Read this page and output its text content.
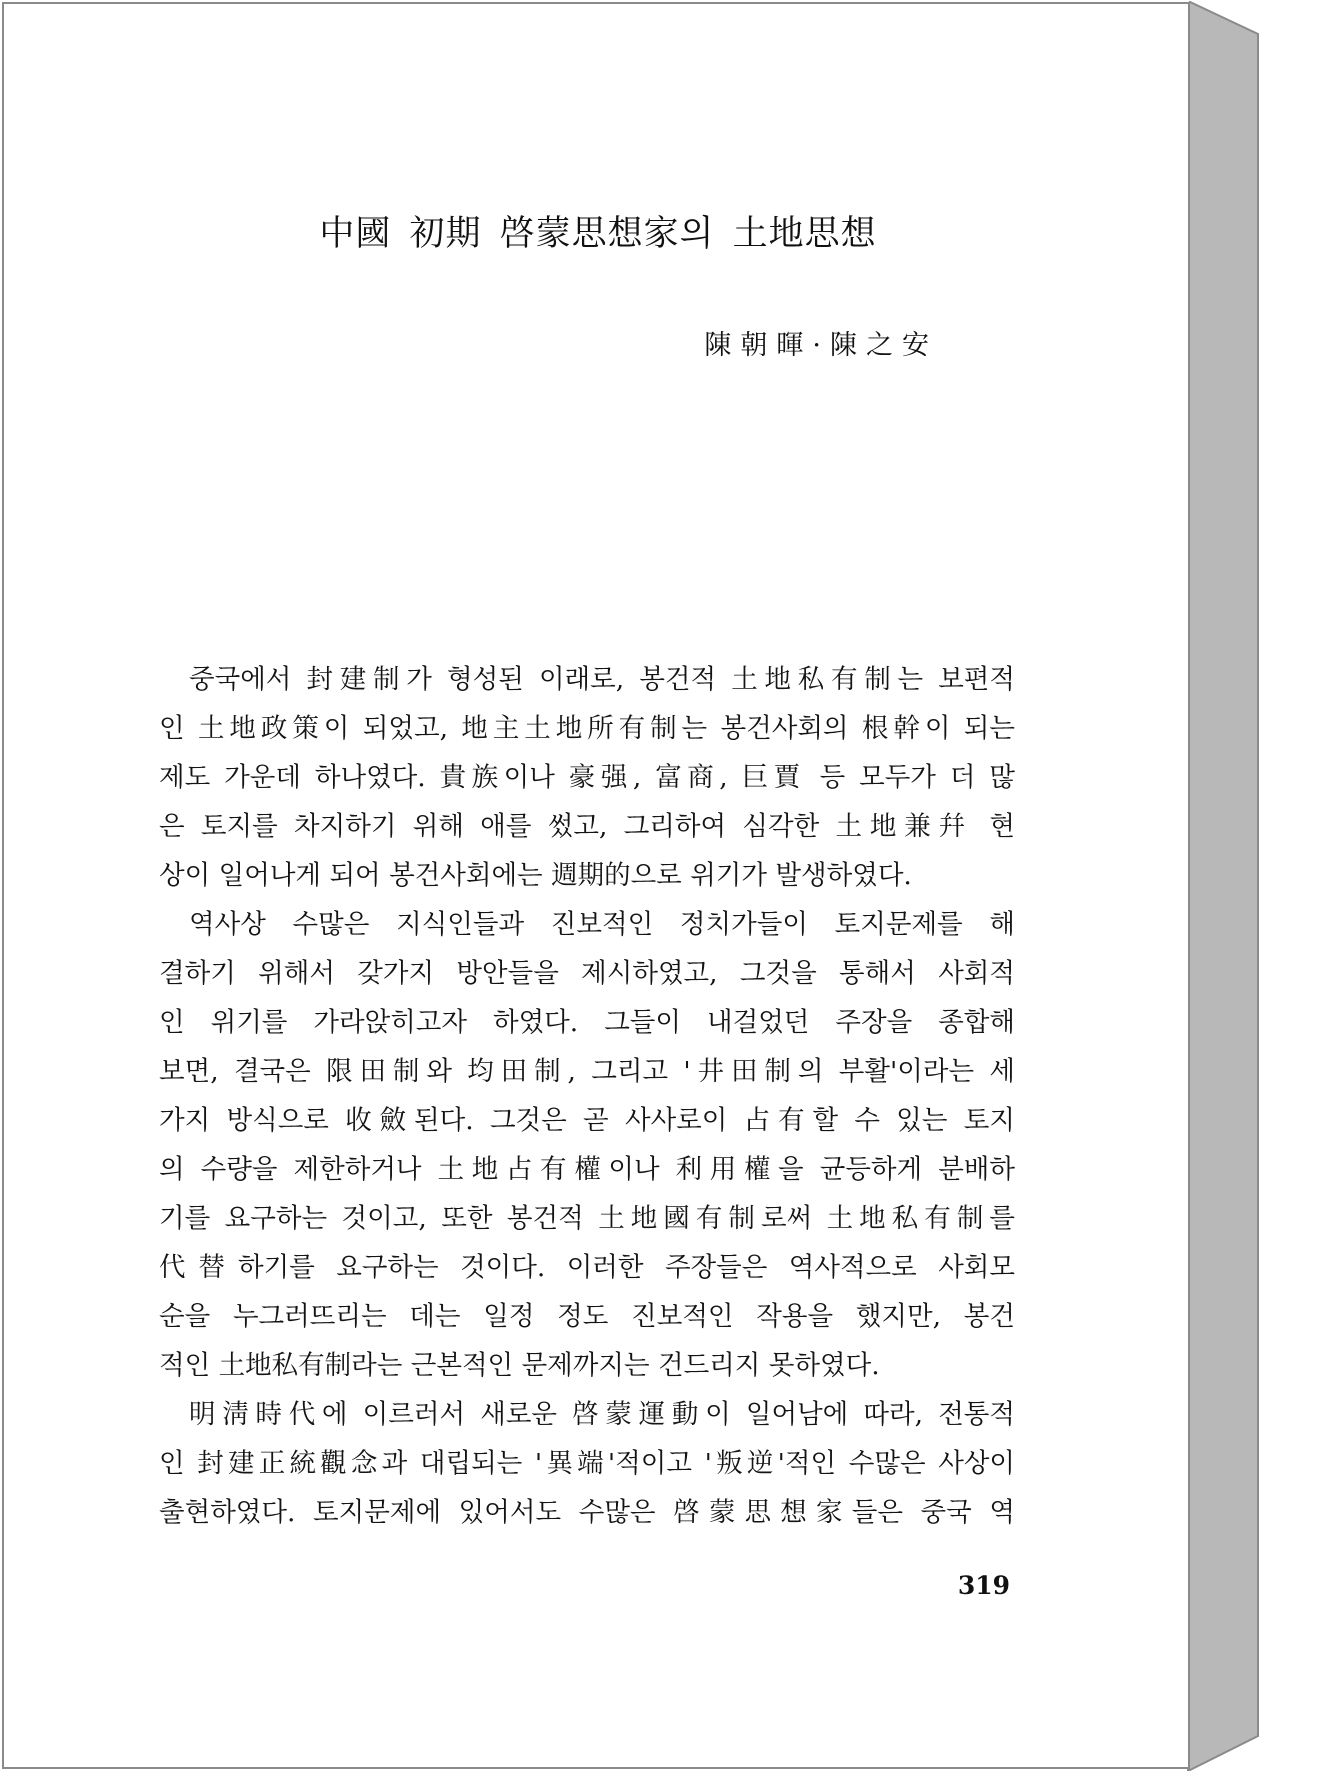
中國 初期 啓蒙思想家의 土地思想
陳朝暉·陳之安
중국에서 封建制가 형성된 이래로, 봉건적 土地私有制는 보편적
인 土地政策이 되었고, 地主土地所有制는 봉건사회의 根幹이 되는
제도 가운데 하나였다. 貴族이나 豪强, 富商, 巨賈 등 모두가 더 많
은 토지를 차지하기 위해 애를 썼고, 그리하여 심각한 土地兼幷 현
상이 일어나게 되어 봉건사회에는 週期的으로 위기가 발생하였다.
역사상 수많은 지식인들과 진보적인 정치가들이 토지문제를 해
결하기 위해서 갖가지 방안들을 제시하였고, 그것을 통해서 사회적
인 위기를 가라앉히고자 하였다. 그들이 내걸었던 주장을 종합해
보면, 결국은 限田制와 均田制, 그리고 '井田制의 부활'이라는 세
가지 방식으로 收斂된다. 그것은 곧 사사로이 占有할 수 있는 토지
의 수량을 제한하거나 土地占有權이나 利用權을 균등하게 분배하
기를 요구하는 것이고, 또한 봉건적 土地國有制로써 土地私有制를
代替하기를 요구하는 것이다. 이러한 주장들은 역사적으로 사회모
순을 누그러뜨리는 데는 일정 정도 진보적인 작용을 했지만, 봉건
적인 土地私有制라는 근본적인 문제까지는 건드리지 못하였다.
明淸時代에 이르러서 새로운 啓蒙運動이 일어남에 따라, 전통적
인 封建正統觀念과 대립되는 '異端'적이고 '叛逆'적인 수많은 사상이
출현하였다. 토지문제에 있어서도 수많은 啓蒙思想家들은 중국 역
319
